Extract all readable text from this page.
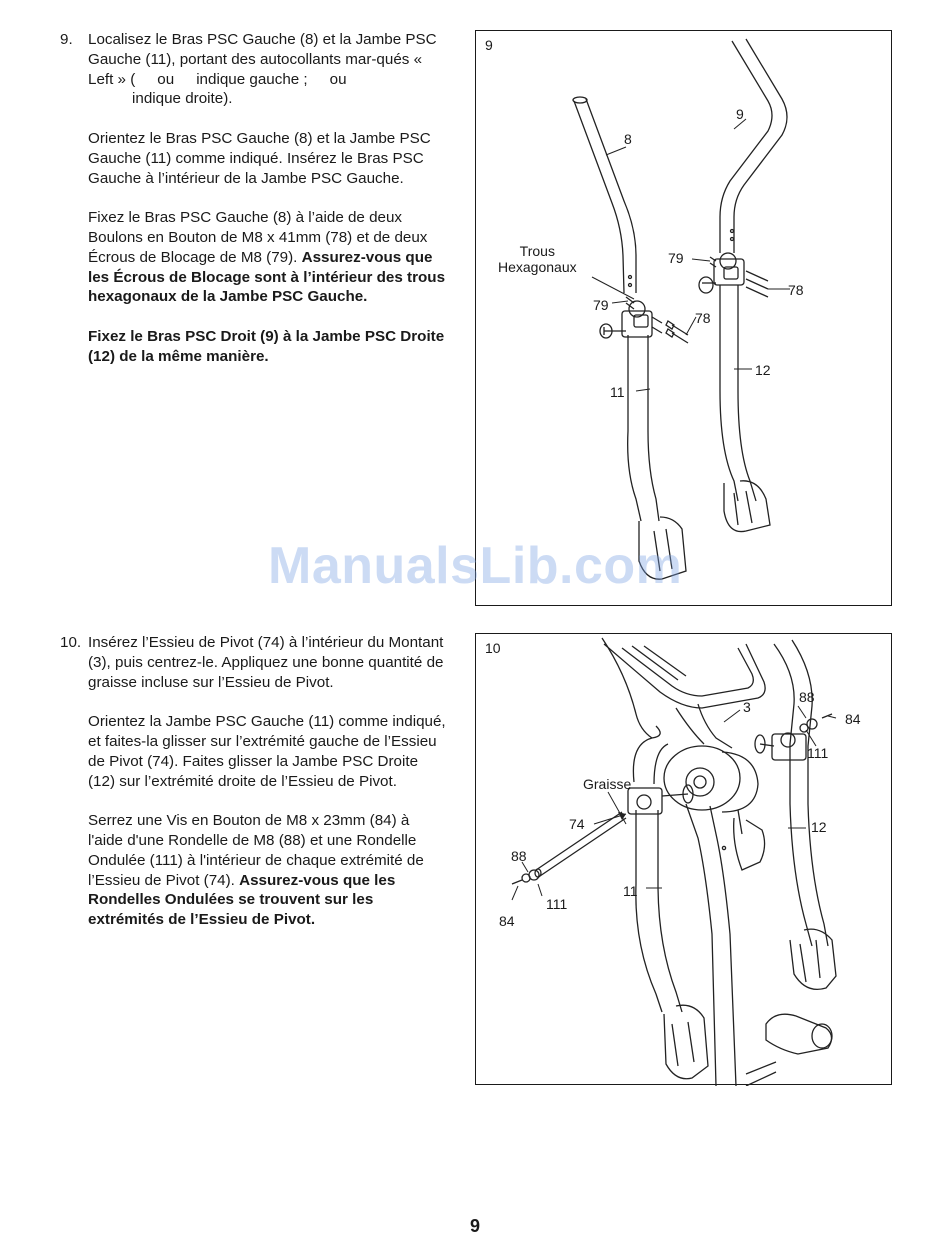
9. Localisez le Bras PSC Gauche (8) et la Jambe PSC Gauche (11), portant des autocollants mar-qués « Left » ( ou indique gauche ; ou
indique droite).

Orientez le Bras PSC Gauche (8) et la Jambe PSC Gauche (11) comme indiqué. Insérez le Bras PSC Gauche à l’intérieur de la Jambe PSC Gauche.

Fixez le Bras PSC Gauche (8) à l’aide de deux Boulons en Bouton de M8 x 41mm (78) et de deux Écrous de Blocage de M8 (79). Assurez-vous que les Écrous de Blocage sont à l’intérieur des trous hexagonaux de la Jambe PSC Gauche.

Fixez le Bras PSC Droit (9) à la Jambe PSC Droite (12) de la même manière.

9
8
9
Trous
Hexagonaux
79
79
78
78
11
12
ManualsLib.com
10. Insérez l’Essieu de Pivot (74) à l’intérieur du Montant (3), puis centrez-le. Appliquez une bonne quantité de graisse incluse sur l’Essieu de Pivot.

Orientez la Jambe PSC Gauche (11) comme indiqué, et faites-la glisser sur l’extrémité gauche de l’Essieu de Pivot (74). Faites glisser la Jambe PSC Droite (12) sur l’extrémité droite de l’Essieu de Pivot.

Serrez une Vis en Bouton de M8 x 23mm (84) à l'aide d'une Rondelle de M8 (88) et une Rondelle Ondulée (111) à l'intérieur de chaque extrémité de l’Essieu de Pivot (74). Assurez-vous que les Rondelles Ondulées se trouvent sur les extrémités de l’Essieu de Pivot.

10
3
88
84
111
Graisse
74	12
88
11
111
84
9
